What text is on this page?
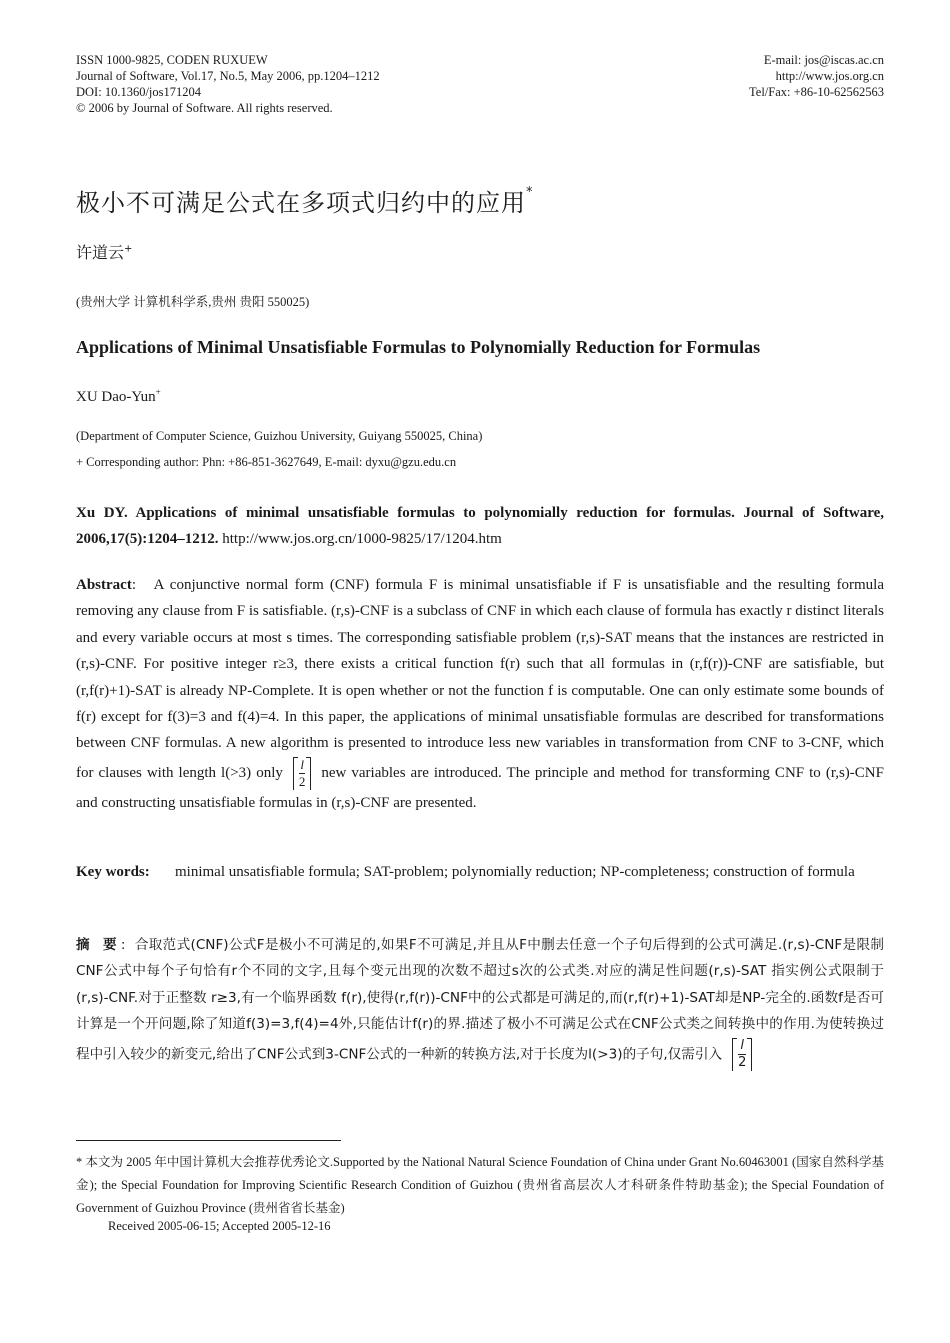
ISSN 1000-9825, CODEN RUXUEW
Journal of Software, Vol.17, No.5, May 2006, pp.1204–1212
DOI: 10.1360/jos171204
© 2006 by Journal of Software. All rights reserved.
E-mail: jos@iscas.ac.cn
http://www.jos.org.cn
Tel/Fax: +86-10-62562563
极小不可满足公式在多项式归约中的应用*
许道云+
(贵州大学 计算机科学系,贵州 贵阳 550025)
Applications of Minimal Unsatisfiable Formulas to Polynomially Reduction for Formulas
XU Dao-Yun+
(Department of Computer Science, Guizhou University, Guiyang 550025, China)
+ Corresponding author: Phn: +86-851-3627649, E-mail: dyxu@gzu.edu.cn
Xu DY. Applications of minimal unsatisfiable formulas to polynomially reduction for formulas. Journal of Software, 2006,17(5):1204–1212. http://www.jos.org.cn/1000-9825/17/1204.htm
Abstract:   A conjunctive normal form (CNF) formula F is minimal unsatisfiable if F is unsatisfiable and the resulting formula removing any clause from F is satisfiable. (r,s)-CNF is a subclass of CNF in which each clause of formula has exactly r distinct literals and every variable occurs at most s times. The corresponding satisfiable problem (r,s)-SAT means that the instances are restricted in (r,s)-CNF. For positive integer r≥3, there exists a critical function f(r) such that all formulas in (r,f(r))-CNF are satisfiable, but (r,f(r)+1)-SAT is already NP-Complete. It is open whether or not the function f is computable. One can only estimate some bounds of f(r) except for f(3)=3 and f(4)=4. In this paper, the applications of minimal unsatisfiable formulas are described for transformations between CNF formulas. A new algorithm is presented to introduce less new variables in transformation from CNF to 3-CNF, which for clauses with length l(>3) only $\frac{l}{2}$ new variables are introduced. The principle and method for transforming CNF to (r,s)-CNF and constructing unsatisfiable formulas in (r,s)-CNF are presented.
Key words: minimal unsatisfiable formula; SAT-problem; polynomially reduction; NP-completeness; construction of formula
摘 要:  合取范式(CNF)公式F是极小不可满足的,如果F不可满足,并且从F中删去任意一个子句后得到的公式可满足.(r,s)-CNF是限制CNF公式中每个子句恰有r个不同的文字,且每个变元出现的次数不超过s次的公式类.对应的满足性问题(r,s)-SAT 指实例公式限制于(r,s)-CNF.对于正整数 r≥3,有一个临界函数 f(r),使得(r,f(r))-CNF中的公式都是可满足的,而(r,f(r)+1)-SAT却是NP-完全的.函数f是否可计算是一个开问题,除了知道f(3)=3,f(4)=4外,只能估计f(r)的界.描述了极小不可满足公式在CNF公式类之间转换中的作用.为使转换过程中引入较少的新变元,给出了CNF公式到3-CNF公式的一种新的转换方法,对于长度为l(>3)的子句,仅需引入 $\frac{l}{2}$
* 本文为 2005 年中国计算机大会推荐优秀论文.Supported by the National Natural Science Foundation of China under Grant No.60463001 (国家自然科学基金); the Special Foundation for Improving Scientific Research Condition of Guizhou (贵州省高层次人才科研条件特助基金); the Special Foundation of Government of Guizhou Province (贵州省省长基金)
Received 2005-06-15; Accepted 2005-12-16
